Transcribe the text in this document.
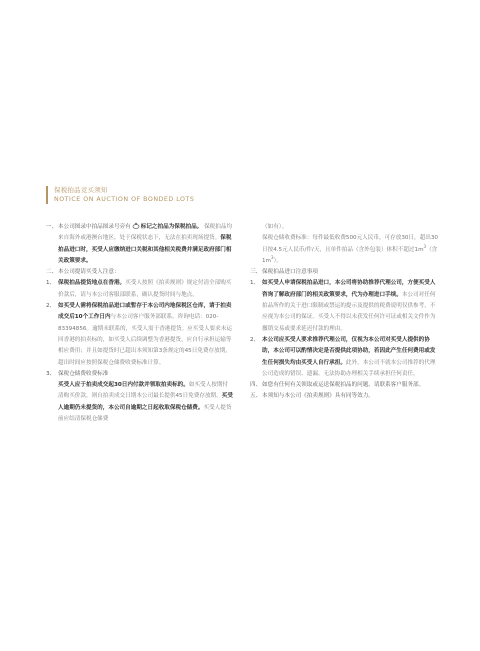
保税拍品竞买须知
NOTICE ON AUCTION OF BONDED LOTS
一、 本公司图录中拍品图录号旁有 标记之拍品为保税拍品。 保税拍品均来自海外或港澳台地区，处于保税状态下，无法在拍卖现场提货。保税拍品进口时，买受人应缴纳进口关税和其他相关税费并满足政府部门相关政策要求。
二、 本公司提请买受人注意：
1、 保税拍品提货地点在香港。买受人按照《拍卖规则》规定付清全部购买价款后，请与本公司客服部联系，确认提货时间与地点。
2、 如买受人需将保税拍品进口或暂存于本公司内地保税区仓库，请于拍卖成交后10个工作日内与本公司客户服务部联系。咨询电话：020-83394856。逾期未联系的，买受人需于香港提货。应买受人要求未运回香港的拍卖标的，如买受人后续调整为香港提货，应自行承担运输等相应费用；并且如提货时已超出本须知第3条规定的45日免费存放期，超出时间应按照保税仓储费收费标准计算。
3、 保税仓储费收费标准
买受人应于拍卖成交起30日内付款并领取拍卖标的。如买受人按期付清购买价款，则自拍卖成交日期本公司最长提供45日免费存放期。买受人逾期仍未提货的，本公司自逾期之日起收取保税仓储费。买受人提货前应结清保税仓储费
（如有）。
保税仓储收费标准：每件最低收费500元人民币，可存放30日，超出30日按4.5元人民币/件/天，且单件拍品（含外包装）体积不超过$1m^3$（含$1m^3$）。
三、 保税拍品进口注意事项
1、 如买受人申请保税拍品进口，本公司将协助推荐代理公司，方便买受人咨询了解政府部门的相关政策要求，代为办理进口手续。本公司对任何拍品所作的关于进口限制或禁运的提示及提供的税费说明仅供参考，不应视为本公司的保证。买受人不得以未获发任何许可证或相关文件作为撤销交易或要求延迟付款的理由。
2、 本公司应买受人要求推荐代理公司，仅视为本公司对买受人提供的协助，本公司可以酌情决定是否提供此项协助，若因此产生任何费用或发生任何损失均由买受人自行承担。此外，本公司不就本公司推荐的代理公司造成的错误、遗漏、无法协助办理相关手续承担任何责任。
四、 如您有任何有关领取或运送保税拍品的问题，请联系客户服务部。
五、 本须知与本公司《拍卖规则》具有同等效力。
